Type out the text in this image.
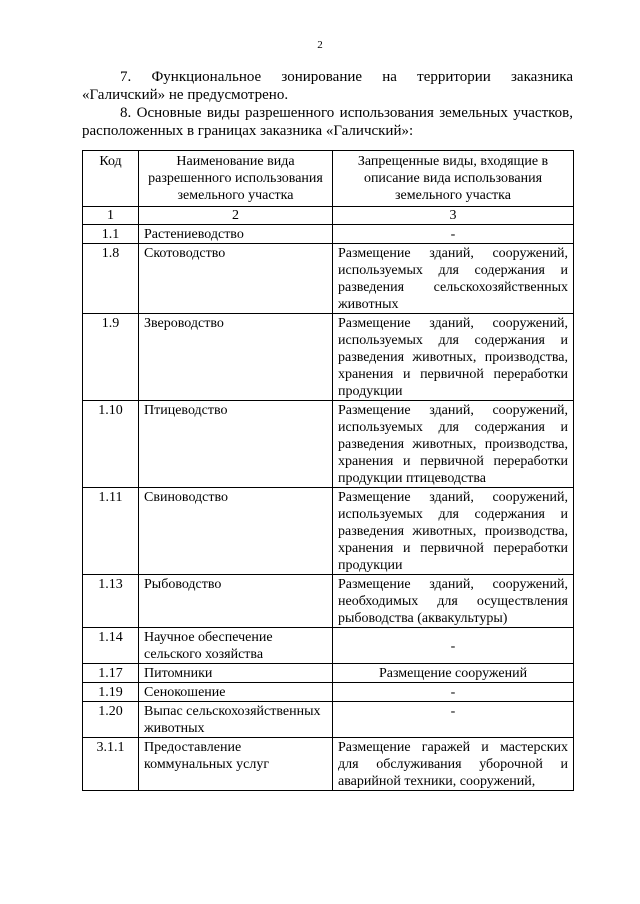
2

7. Функциональное зонирование на территории заказника «Галичский» не предусмотрено.

8. Основные виды разрешенного использования земельных участков, расположенных в границах заказника «Галичский»:

Код	Наименование вида разрешенного использования земельного участка	Запрещенные виды, входящие в описание вида использования земельного участка
1	2	3
1.1	Растениеводство	-
1.8	Скотоводство	Размещение зданий, сооружений, используемых для содержания и разведения сельскохозяйственных животных
1.9	Звероводство	Размещение зданий, сооружений, используемых для содержания и разведения животных, производства, хранения и первичной переработки продукции
1.10	Птицеводство	Размещение зданий, сооружений, используемых для содержания и разведения животных, производства, хранения и первичной переработки продукции птицеводства
1.11	Свиноводство	Размещение зданий, сооружений, используемых для содержания и разведения животных, производства, хранения и первичной переработки продукции
1.13	Рыбоводство	Размещение зданий, сооружений, необходимых для осуществления рыбоводства (аквакультуры)
1.14	Научное обеспечение сельского хозяйства	-
1.17	Питомники	Размещение сооружений
1.19	Сенокошение	-
1.20	Выпас сельскохозяйственных животных	-
3.1.1	Предоставление коммунальных услуг	Размещение гаражей и мастерских для обслуживания уборочной и аварийной техники, сооружений,
